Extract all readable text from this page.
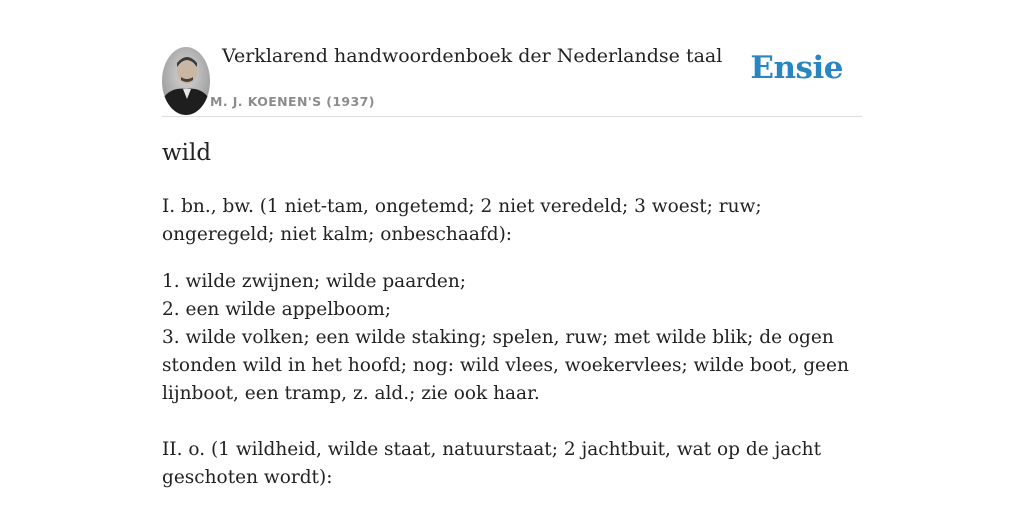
Verklarend handwoordenboek der Nederlandse taal
M. J. KOENEN'S (1937)
Ensie
wild

I. bn., bw. (1 niet-tam, ongetemd; 2 niet veredeld; 3 woest; ruw; ongeregeld; niet kalm; onbeschaafd):

1. wilde zwijnen; wilde paarden;

2. een wilde appelboom;

3. wilde volken; een wilde staking; spelen, ruw; met wilde blik; de ogen stonden wild in het hoofd; nog: wild vlees, woekervlees; wilde boot, geen lijnboot, een tramp, z. ald.; zie ook haar.

II. o. (1 wildheid, wilde staat, natuurstaat; 2 jachtbuit, wat op de jacht geschoten wordt):
